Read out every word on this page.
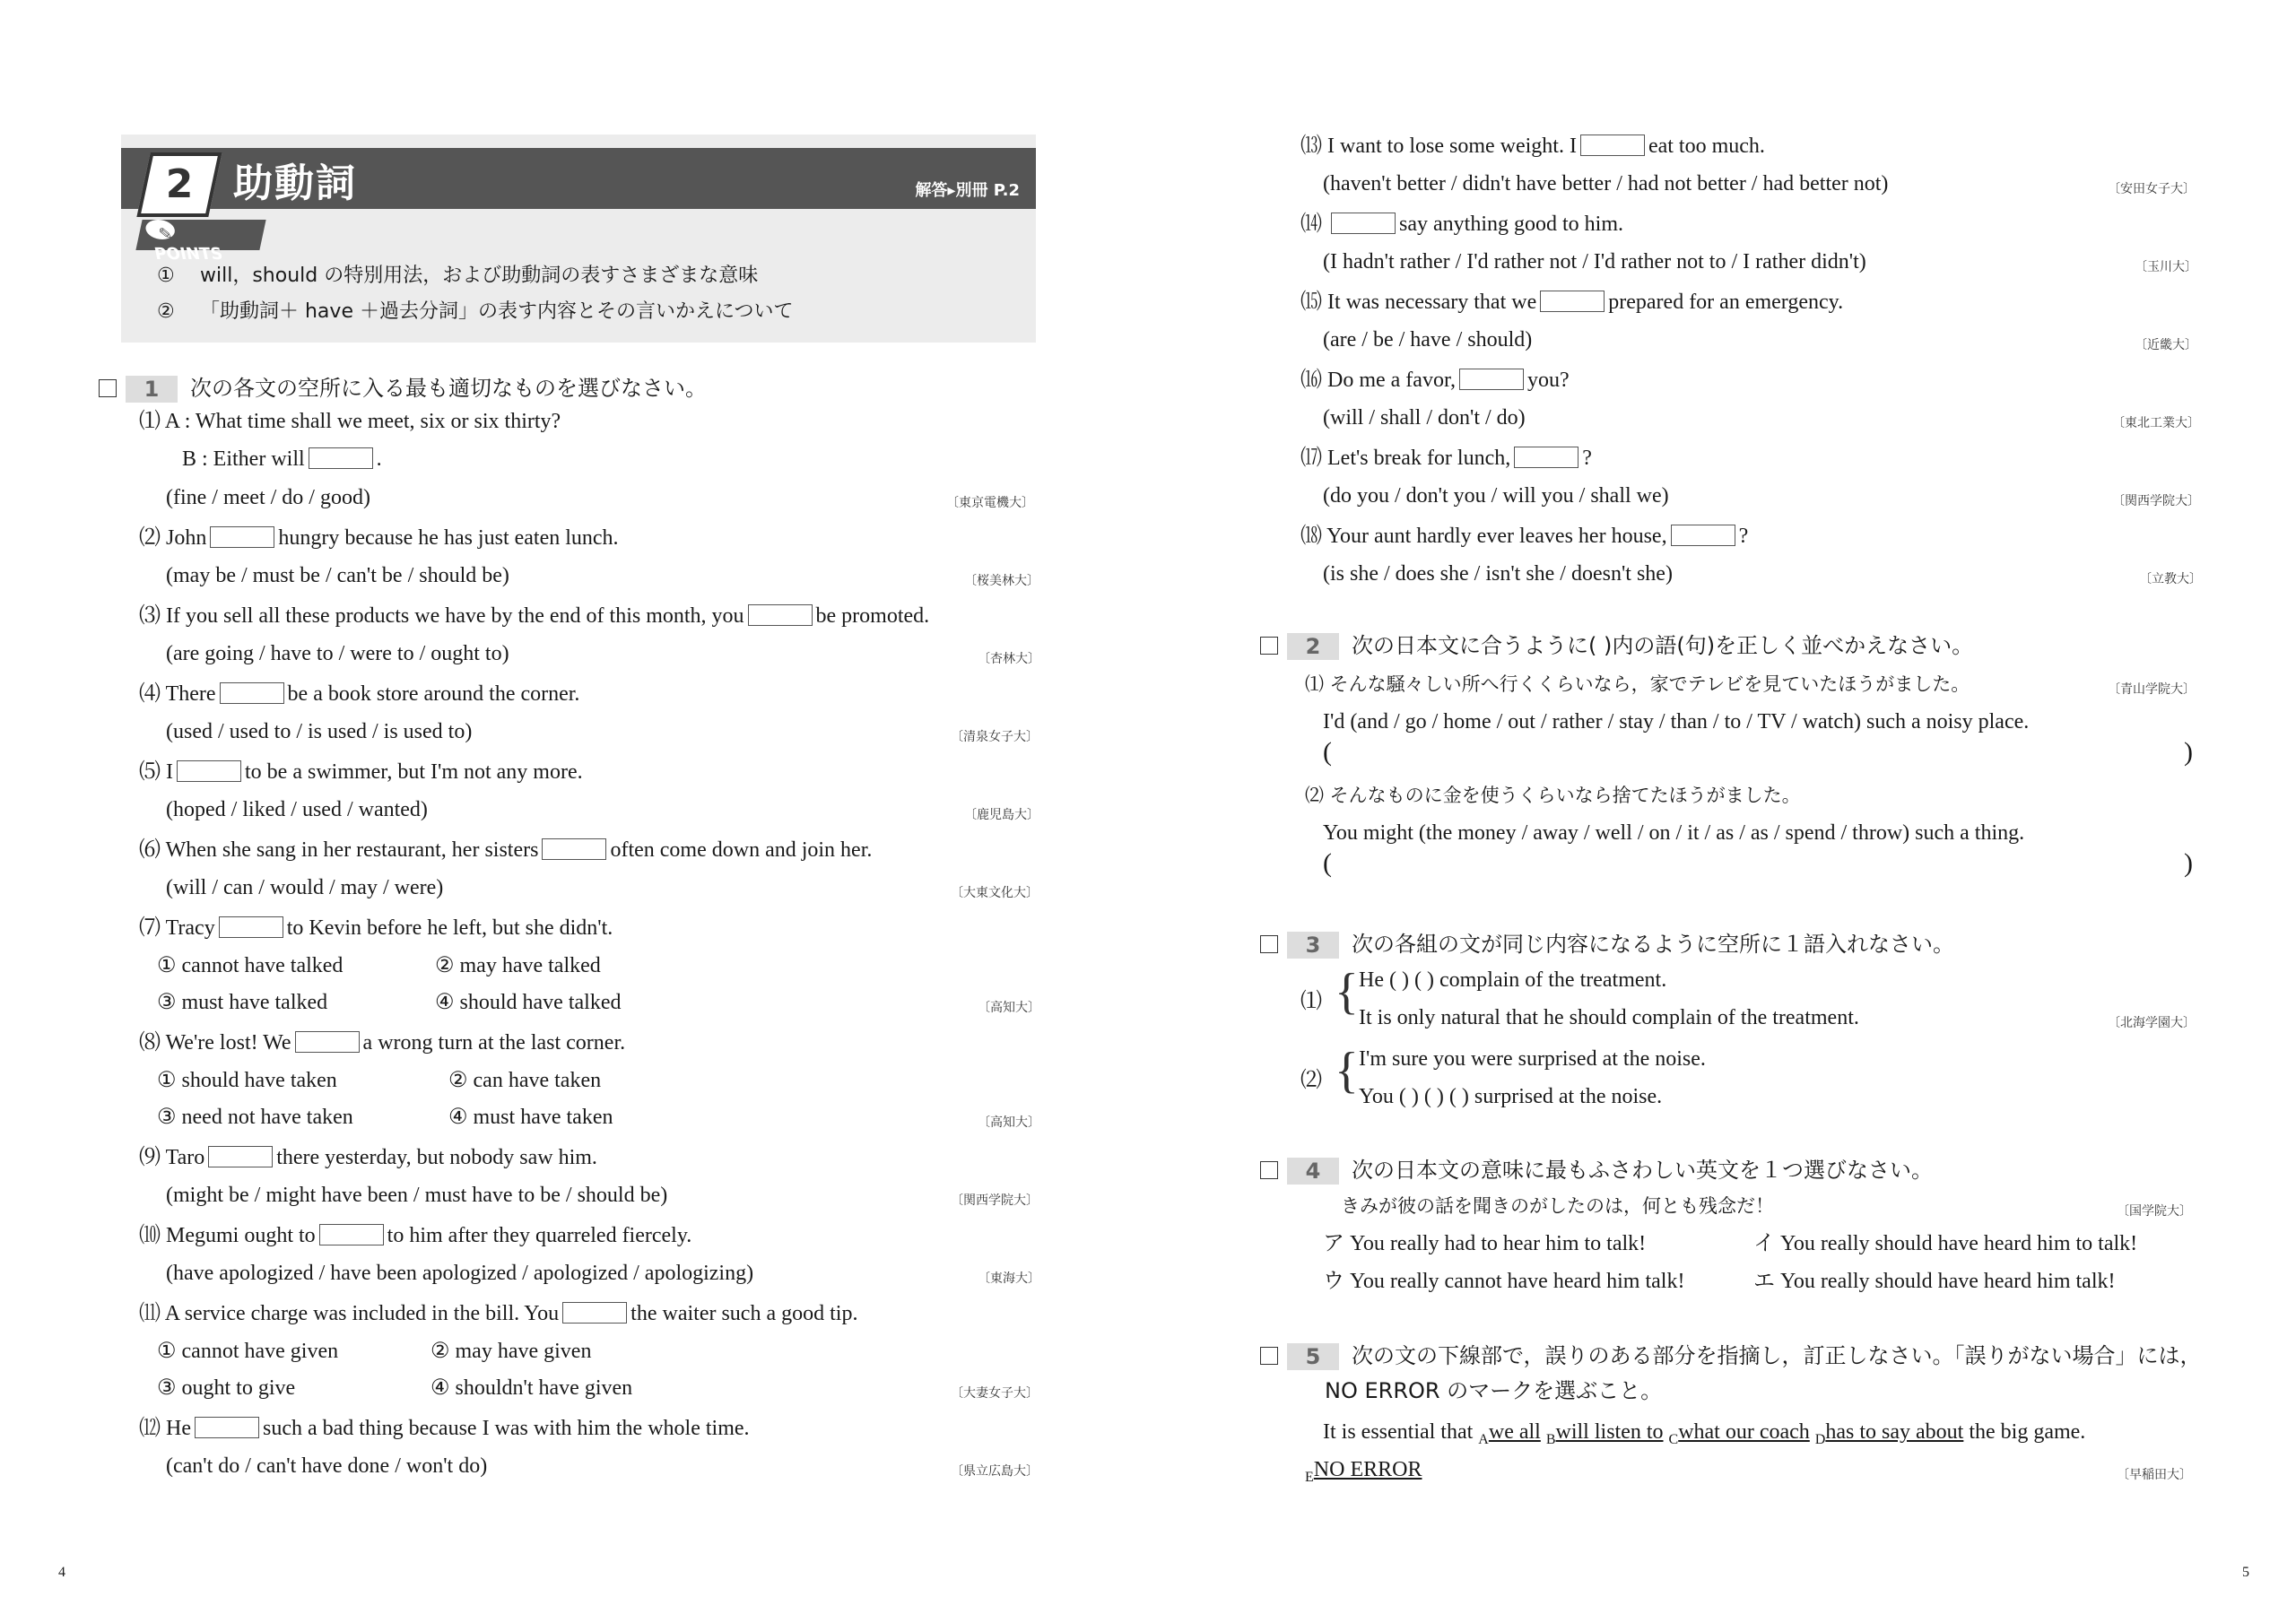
2	助動詞	解答▸別冊 P.2
✎
POINTS
① will，should の特別用法，および助動詞の表すさまざまな意味
② 「助動詞＋ have ＋過去分詞」の表す内容とその言いかえについて
1 次の各文の空所に入る最も適切なものを選びなさい。
⑴ A : What time shall we meet, six or six thirty?
B : Either will	.
(fine / meet / do / good)	〔東京電機大〕
⑵ John	hungry because he has just eaten lunch.
(may be / must be / can't be / should be)	〔桜美林大〕
⑶ If you sell all these products we have by the end of this month, you	be promoted.
(are going / have to / were to / ought to)	〔杏林大〕
⑷ There	be a book store around the corner.
(used / used to / is used / is used to)	〔清泉女子大〕
⑸ I	to be a swimmer, but I'm not any more.
(hoped / liked / used / wanted)	〔鹿児島大〕
⑹ When she sang in her restaurant, her sisters	often come down and join her.
(will / can / would / may / were)	〔大東文化大〕
⑺ Tracy	to Kevin before he left, but she didn't.
① cannot have talked	② may have talked
③ must have talked	④ should have talked	〔高知大〕
⑻ We're lost! We	a wrong turn at the last corner.
① should have taken	② can have taken
③ need not have taken	④ must have taken	〔高知大〕
⑼ Taro	there yesterday, but nobody saw him.
(might be / might have been / must have to be / should be)	〔関西学院大〕
⑽ Megumi ought to	to him after they quarreled fiercely.
(have apologized / have been apologized / apologized / apologizing)	〔東海大〕
⑾ A service charge was included in the bill. You	the waiter such a good tip.
① cannot have given	② may have given
③ ought to give	④ shouldn't have given	〔大妻女子大〕
⑿ He	such a bad thing because I was with him the whole time.
(can't do / can't have done / won't do)	〔県立広島大〕
4
⒀ I want to lose some weight. I	eat too much.
(haven't better / didn't have better / had not better / had better not)	〔安田女子大〕
⒁	say anything good to him.
(I hadn't rather / I'd rather not / I'd rather not to / I rather didn't)	〔玉川大〕
⒂ It was necessary that we	prepared for an emergency.
(are / be / have / should)	〔近畿大〕
⒃ Do me a favor,	you?
(will / shall / don't / do)	〔東北工業大〕
⒄ Let's break for lunch,	?
(do you / don't you / will you / shall we)	〔関西学院大〕
⒅ Your aunt hardly ever leaves her house,	?
(is she / does she / isn't she / doesn't she)	〔立教大〕
2 次の日本文に合うように( )内の語(句)を正しく並べかえなさい。
⑴ そんな騒々しい所へ行くくらいなら，家でテレビを見ていたほうがました。	〔青山学院大〕
I'd (and / go / home / out / rather / stay / than / to / TV / watch) such a noisy place.
(	)
⑵ そんなものに金を使うくらいなら捨てたほうがました。
You might (the money / away / well / on / it / as / as / spend / throw) such a thing.
(	)
3 次の各組の文が同じ内容になるように空所に１語入れなさい。
⑴ { He ( ) ( ) complain of the treatment.
It is only natural that he should complain of the treatment.	〔北海学園大〕
⑵ { I'm sure you were surprised at the noise.
You ( ) ( ) ( ) surprised at the noise.
4 次の日本文の意味に最もふさわしい英文を１つ選びなさい。
きみが彼の話を聞きのがしたのは，何とも残念だ！	〔国学院大〕
ア You really had to hear him to talk!	イ You really should have heard him to talk!
ウ You really cannot have heard him talk!	エ You really should have heard him talk!
5 次の文の下線部で，誤りのある部分を指摘し，訂正しなさい。「誤りがない場合」には，
NO ERROR のマークを選ぶこと。
It is essential that $_A$we all $_B$will listen to $_C$what our coach $_D$has to say about the big game.
$_E$NO ERROR	〔早稲田大〕
5
